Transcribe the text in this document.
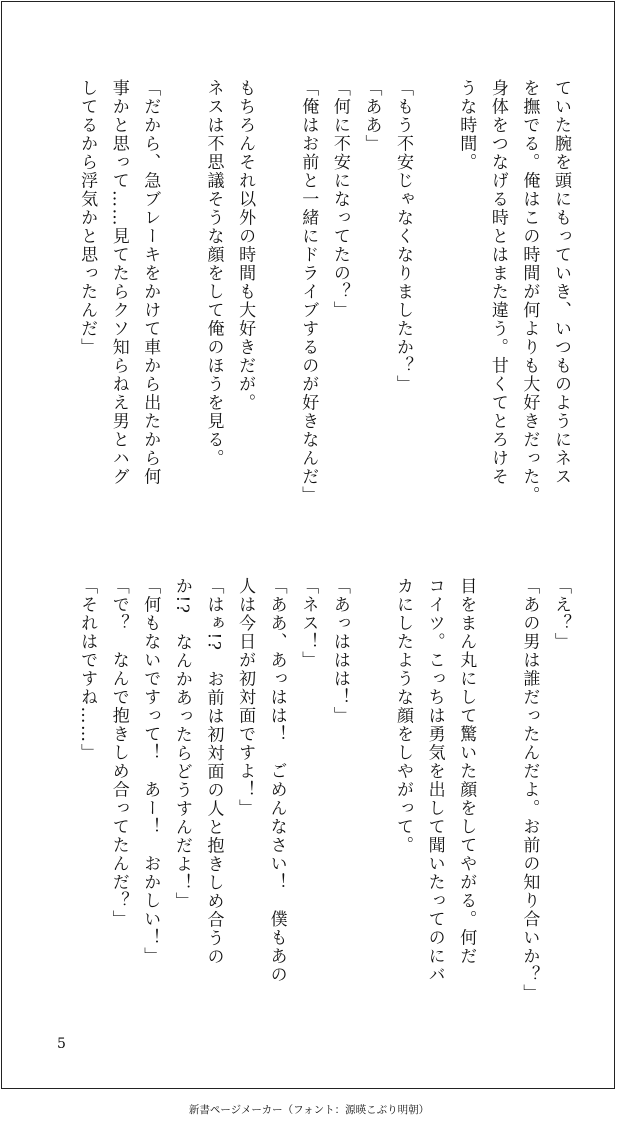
ていた腕を頭にもっていき、いつものようにネス
を撫でる。俺はこの時間が何よりも大好きだった。
身体をつなげる時とはまた違う。甘くてとろけそ
うな時間。
「もう不安じゃなくなりましたか？」
「ああ」
「何に不安になってたの？」
「俺はお前と一緒にドライブするのが好きなんだ」
もちろんそれ以外の時間も大好きだが。
ネスは不思議そうな顔をして俺のほうを見る。
「だから、急ブレーキをかけて車から出たから何
事かと思って……見てたらクソ知らねえ男とハグ
してるから浮気かと思ったんだ」
「え？」
「あの男は誰だったんだよ。お前の知り合いか？」
目をまん丸にして驚いた顔をしてやがる。何だ
コイツ。こっちは勇気を出して聞いたってのにバ
カにしたような顔をしやがって。
「あっははは！」
「ネス！」
「ああ、あっはは！　ごめんなさい！　僕もあの
人は今日が初対面ですよ！」
「はぁ!?　お前は初対面の人と抱きしめ合うの
か!?　なんかあったらどうすんだよ！」
「何もないですって！　あー！　おかしい！」
「で？　なんで抱きしめ合ってたんだ？」
「それはですね……」
5
新書ページメーカー（フォント：源暎こぶり明朝）
